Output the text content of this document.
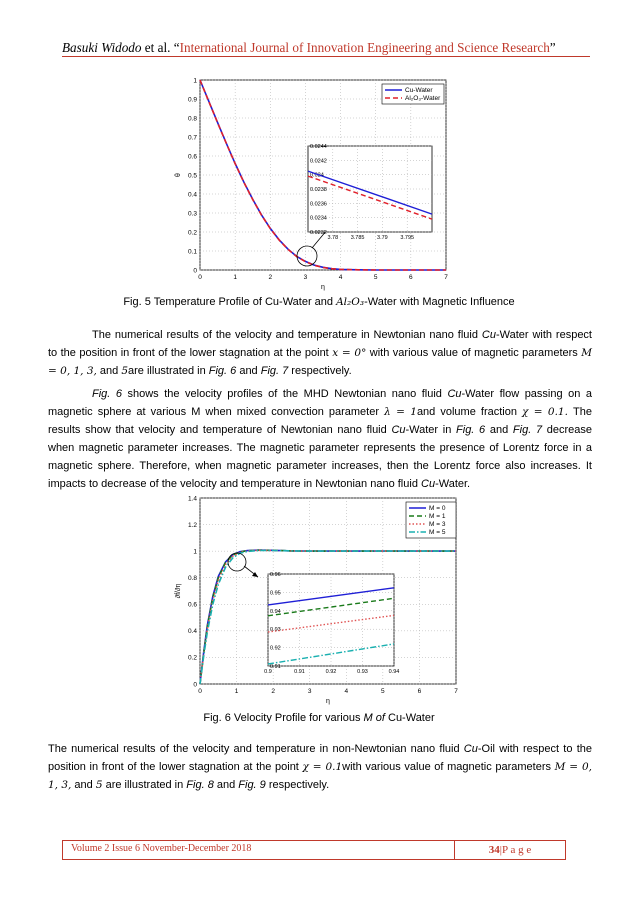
Basuki Widodo et al. “International Journal of Innovation Engineering and Science Research”
0	1	2	3	4	5	6	7
0
0.1
0.2
0.3
0.4
0.5
0.6
0.7
0.8
0.9
1
η
θ
3.78 3.785 3.79 3.795
0.0232
0.0234
0.0236
0.0238
0.024
0.0242
0.0244
Cu-Water
Al₂O₃-Water
Fig. 5 Temperature Profile of Cu-Water and Al₂O₃-Water with Magnetic Influence
The numerical results of the velocity and temperature in Newtonian nano fluid Cu-Water with respect to the position in front of the lower stagnation at the point x = 0° with various value of magnetic parameters M = 0, 1, 3, and 5are illustrated in Fig. 6 and Fig. 7 respectively.
Fig. 6 shows the velocity profiles of the MHD Newtonian nano fluid Cu-Water flow passing on a magnetic sphere at various M when mixed convection parameter λ = 1and volume fraction χ = 0.1. The results show that velocity and temperature of Newtonian nano fluid Cu-Water in Fig. 6 and Fig. 7 decrease when magnetic parameter increases. The magnetic parameter represents the presence of Lorentz force in a magnetic sphere. Therefore, when magnetic parameter increases, then the Lorentz force also increases. It impacts to decrease of the velocity and temperature in Newtonian nano fluid Cu-Water.
0	1	2	3	4	5	6	7
0
0.2
0.4
0.6
0.8
1
1.2
1.4
η
∂f/∂η
0.9	0.91	0.92	0.93	0.94
0.91
0.92
0.93
0.94
0.95
0.96
M = 0
M = 1
M = 3
M = 5
Fig. 6 Velocity Profile for various M of Cu-Water
The numerical results of the velocity and temperature in non-Newtonian nano fluid Cu-Oil with respect to the position in front of the lower stagnation at the point χ = 0.1with various value of magnetic parameters M = 0, 1, 3, and 5 are illustrated in Fig. 8 and Fig. 9 respectively.
Volume 2 Issue 6 November-December 2018	34|P a g e
